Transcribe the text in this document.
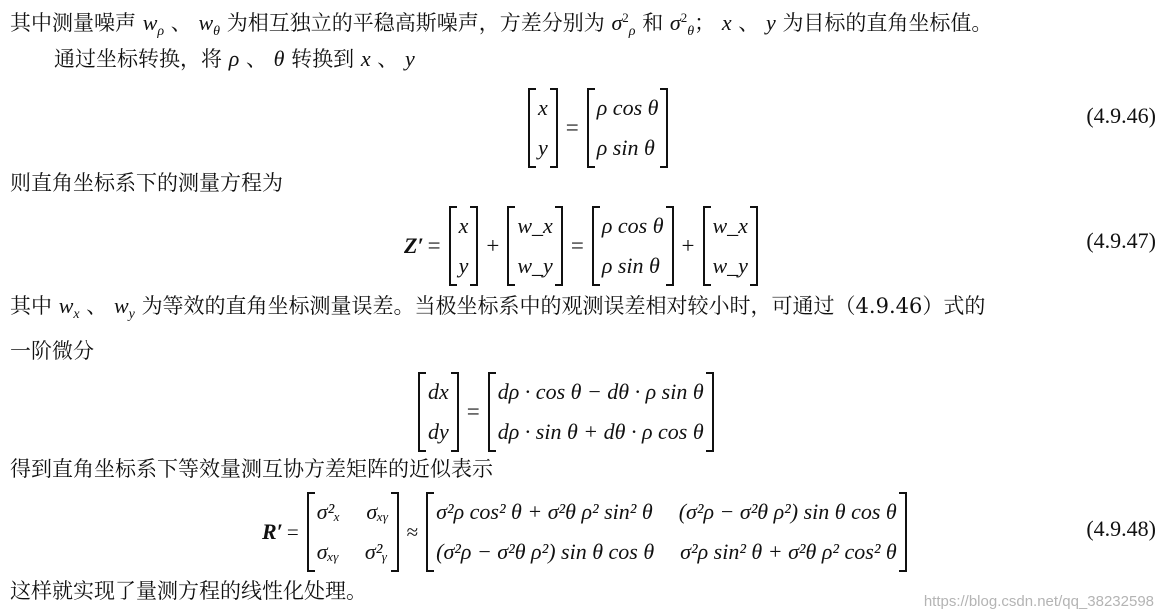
其中测量噪声 $w_\rho$ 、 $w_\theta$ 为相互独立的平稳高斯噪声，方差分别为 $\sigma^2_\rho$ 和 $\sigma^2_\theta$； x 、 y 为目标的直角坐标值。
通过坐标转换，将 ρ 、 θ 转换到 x 、 y
x
y
=
ρ cos θ
ρ sin θ
(4.9.46)
则直角坐标系下的测量方程为
Z′ =
x
y
+
w_x
w_y
=
ρ cos θ
ρ sin θ
+
w_x
w_y
(4.9.47)
其中 $w_x$ 、 $w_y$ 为等效的直角坐标测量误差。当极坐标系中的观测误差相对较小时，可通过（4.9.46）式的
一阶微分
dx
dy
=
dρ · cos θ − dθ · ρ sin θ
dρ · sin θ + dθ · ρ cos θ
得到直角坐标系下等效量测互协方差矩阵的近似表示
R′ =
σ²ₓ σₓᵧ
σₓᵧ σ²ᵧ
≈
σ²ρ cos² θ + σ²θ ρ² sin² θ (σ²ρ − σ²θ ρ²) sin θ cos θ
(σ²ρ − σ²θ ρ²) sin θ cos θ σ²ρ sin² θ + σ²θ ρ² cos² θ
(4.9.48)
这样就实现了量测方程的线性化处理。	https://blog.csdn.net/qq_38232598
